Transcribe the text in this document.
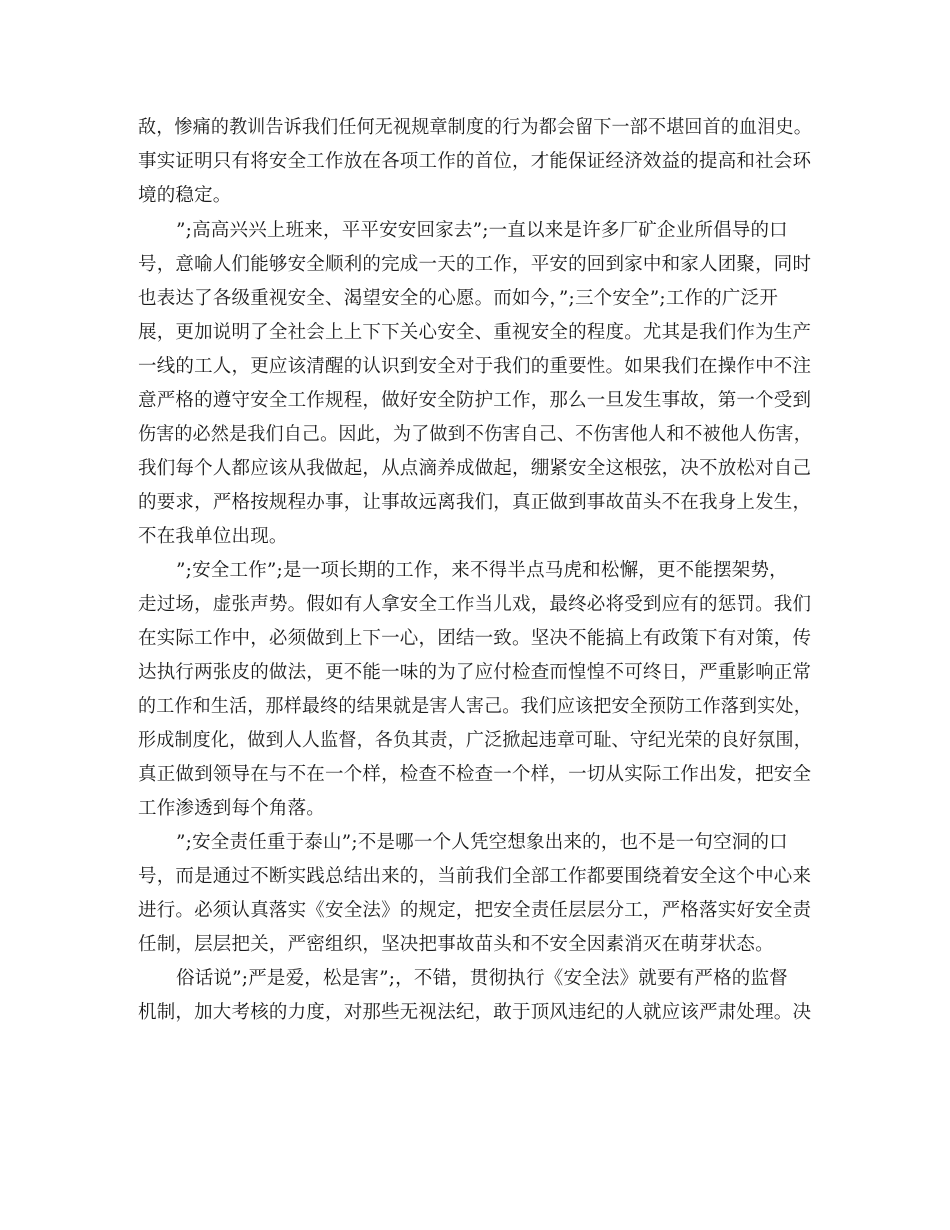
敌，惨痛的教训告诉我们任何无视规章制度的行为都会留下一部不堪回首的血泪史。
事实证明只有将安全工作放在各项工作的首位，才能保证经济效益的提高和社会环
境的稳定。
”;高高兴兴上班来，平平安安回家去”;一直以来是许多厂矿企业所倡导的口
号，意喻人们能够安全顺利的完成一天的工作，平安的回到家中和家人团聚，同时
也表达了各级重视安全、渴望安全的心愿。而如今，”;三个安全”;工作的广泛开
展，更加说明了全社会上上下下关心安全、重视安全的程度。尤其是我们作为生产
一线的工人，更应该清醒的认识到安全对于我们的重要性。如果我们在操作中不注
意严格的遵守安全工作规程，做好安全防护工作，那么一旦发生事故，第一个受到
伤害的必然是我们自己。因此，为了做到不伤害自己、不伤害他人和不被他人伤害，
我们每个人都应该从我做起，从点滴养成做起，绷紧安全这根弦，决不放松对自己
的要求，严格按规程办事，让事故远离我们，真正做到事故苗头不在我身上发生，
不在我单位出现。
”;安全工作”;是一项长期的工作，来不得半点马虎和松懈，更不能摆架势，
走过场，虚张声势。假如有人拿安全工作当儿戏，最终必将受到应有的惩罚。我们
在实际工作中，必须做到上下一心，团结一致。坚决不能搞上有政策下有对策，传
达执行两张皮的做法，更不能一味的为了应付检查而惶惶不可终日，严重影响正常
的工作和生活，那样最终的结果就是害人害己。我们应该把安全预防工作落到实处，
形成制度化，做到人人监督，各负其责，广泛掀起违章可耻、守纪光荣的良好氛围，
真正做到领导在与不在一个样，检查不检查一个样，一切从实际工作出发，把安全
工作渗透到每个角落。
”;安全责任重于泰山”;不是哪一个人凭空想象出来的，也不是一句空洞的口
号，而是通过不断实践总结出来的，当前我们全部工作都要围绕着安全这个中心来
进行。必须认真落实《安全法》的规定，把安全责任层层分工，严格落实好安全责
任制，层层把关，严密组织，坚决把事故苗头和不安全因素消灭在萌芽状态。
俗话说”;严是爱，松是害”;，不错，贯彻执行《安全法》就要有严格的监督
机制，加大考核的力度，对那些无视法纪，敢于顶风违纪的人就应该严肃处理。决
